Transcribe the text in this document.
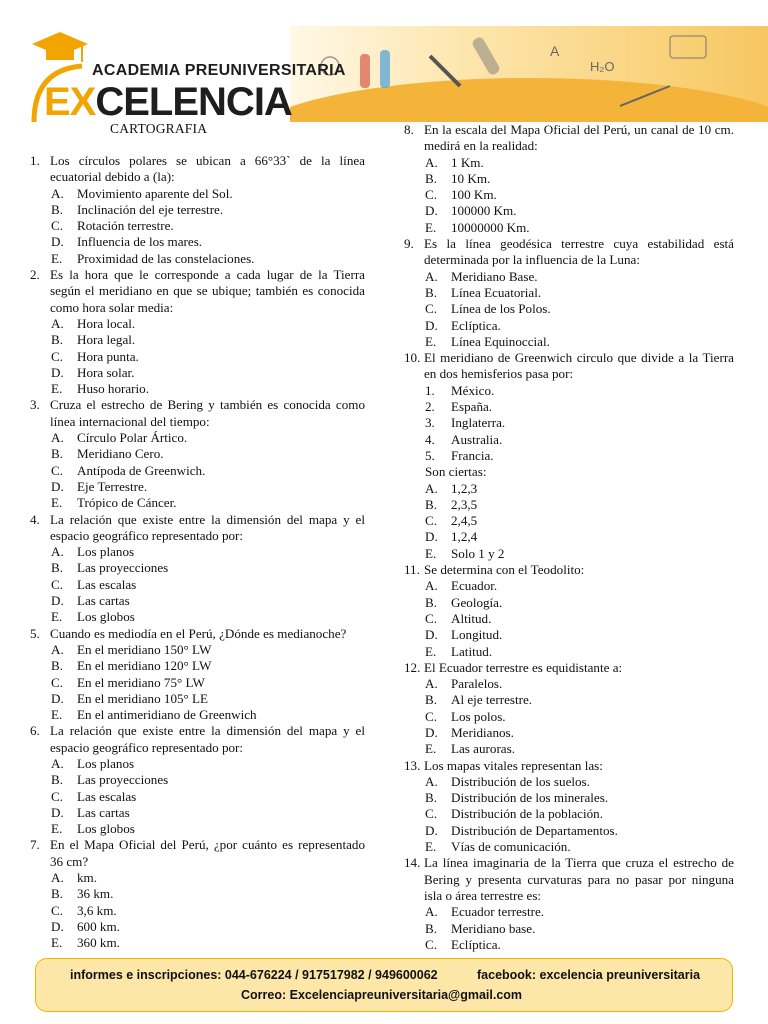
A
H₂O
ACADEMIA PREUNIVERSITARIA
EXCELENCIA
CARTOGRAFIA
1. Los círculos polares se ubican a 66°33` de la línea ecuatorial debido a (la):
A.	Movimiento aparente del Sol.
B.	Inclinación del eje terrestre.
C.	Rotación terrestre.
D.	Influencia de los mares.
E.	Proximidad de las constelaciones.
2. Es la hora que le corresponde a cada lugar de la Tierra según el meridiano en que se ubique; también es conocida como hora solar media:
A.	Hora local.
B.	Hora legal.
C.	Hora punta.
D.	Hora solar.
E.	Huso horario.
3. Cruza el estrecho de Bering y también es conocida como línea internacional del tiempo:
A.	Círculo Polar Ártico.
B.	Meridiano Cero.
C.	Antípoda de Greenwich.
D.	Eje Terrestre.
E.	Trópico de Cáncer.
4. La relación que existe entre la dimensión del mapa y el espacio geográfico representado por:
A.	Los planos
B.	Las proyecciones
C.	Las escalas
D.	Las cartas
E.	Los globos
5. Cuando es mediodía en el Perú, ¿Dónde es medianoche?
A.	En el meridiano 150° LW
B.	En el meridiano 120° LW
C.	En el meridiano 75° LW
D.	En el meridiano 105° LE
E.	En el antimeridiano de Greenwich
6. La relación que existe entre la dimensión del mapa y el espacio geográfico representado por:
A.	Los planos
B.	Las proyecciones
C.	Las escalas
D.	Las cartas
E.	Los globos
7. En el Mapa Oficial del Perú, ¿por cuánto es representado 36 cm?
A.	km.
B.	36 km.
C.	3,6 km.
D.	600 km.
E.	360 km.
8. En la escala del Mapa Oficial del Perú, un canal de 10 cm. medirá en la realidad:
A.	1 Km.
B.	10 Km.
C.	100 Km.
D.	100000 Km.
E.	10000000 Km.
9. Es la línea geodésica terrestre cuya estabilidad está determinada por la influencia de la Luna:
A.	Meridiano Base.
B.	Línea Ecuatorial.
C.	Línea de los Polos.
D.	Eclíptica.
E.	Línea Equinoccial.
10. El meridiano de Greenwich circulo que divide a la Tierra en dos hemisferios pasa por:
1.	México.
2.	España.
3.	Inglaterra.
4.	Australia.
5.	Francia.
Son ciertas:
A.	1,2,3
B.	2,3,5
C.	2,4,5
D.	1,2,4
E.	Solo 1 y 2
11. Se determina con el Teodolito:
A.	Ecuador.
B.	Geología.
C.	Altitud.
D.	Longitud.
E.	Latitud.
12. El Ecuador terrestre es equidistante a:
A.	Paralelos.
B.	Al eje terrestre.
C.	Los polos.
D.	Meridianos.
E.	Las auroras.
13. Los mapas vitales representan las:
A.	Distribución de los suelos.
B.	Distribución de los minerales.
C.	Distribución de la población.
D.	Distribución de Departamentos.
E.	Vías de comunicación.
14. La línea imaginaria de la Tierra que cruza el estrecho de Bering y presenta curvaturas para no pasar por ninguna isla o área terrestre es:
A.	Ecuador terrestre.
B.	Meridiano base.
C.	Eclíptica.
informes e inscripciones: 044-676224 / 917517982 / 949600062	facebook: excelencia preuniversitaria
Correo: Excelenciapreuniversitaria@gmail.com
